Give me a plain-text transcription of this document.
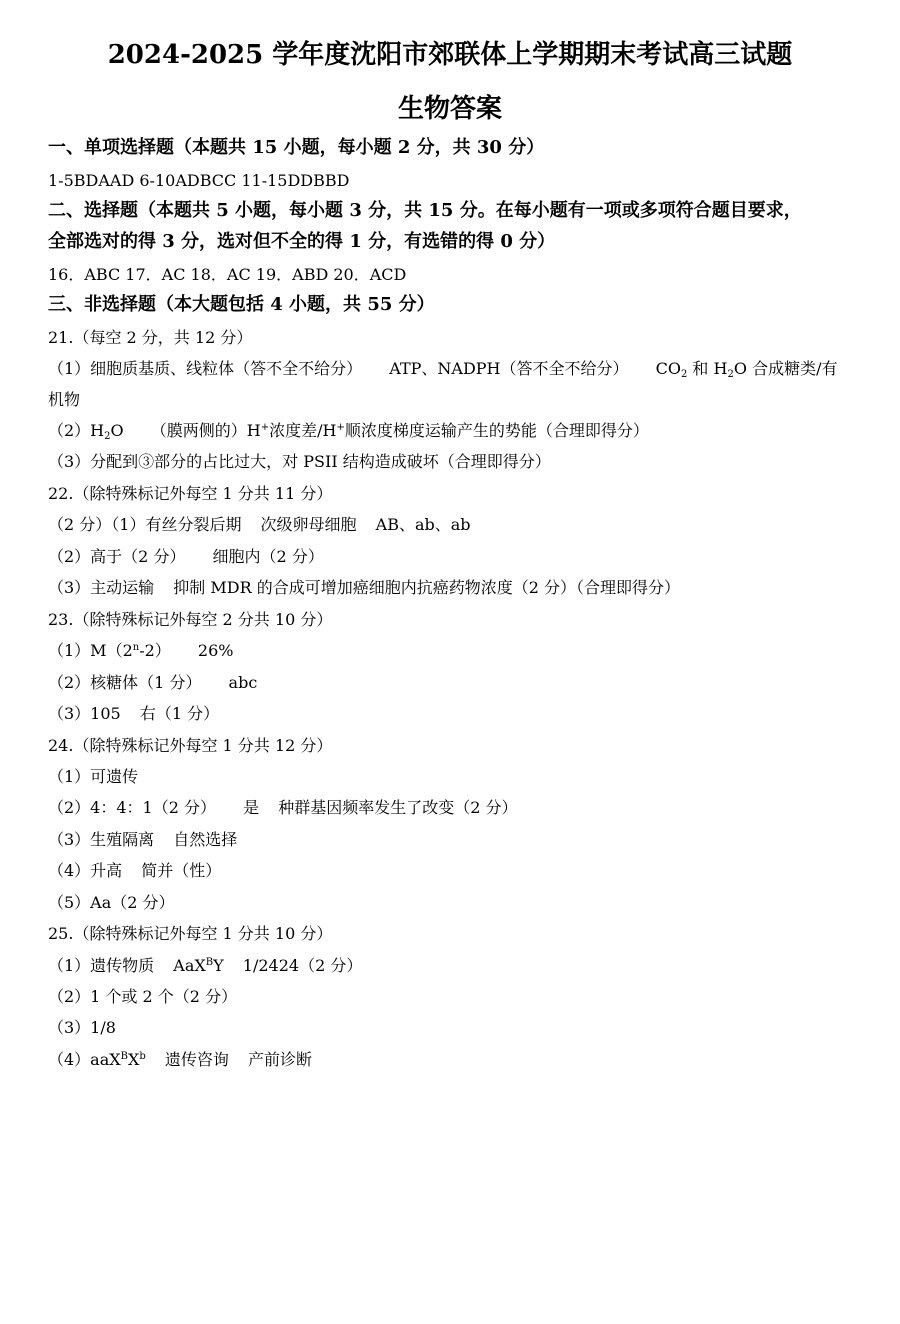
2024-2025 学年度沈阳市郊联体上学期期末考试高三试题
生物答案
一、单项选择题（本题共 15 小题，每小题 2 分，共 30 分）
1-5BDAAD 6-10ADBCC 11-15DDBBD
二、选择题（本题共 5 小题，每小题 3 分，共 15 分。在每小题有一项或多项符合题目要求，
全部选对的得 3 分，选对但不全的得 1 分，有选错的得 0 分）
16．ABC 17．AC 18．AC 19．ABD 20．ACD
三、非选择题（本大题包括 4 小题，共 55 分）
21.（每空 2 分，共 12 分）
（1）细胞质基质、线粒体（答不全不给分） ATP、NADPH（答不全不给分） $CO_2$ 和 $H_2O$ 合成糖类/有
机物
$(2)H_2O$ （膜两侧的）H+浓度差/H+顺浓度梯度运输产生的势能（合理即得分）
（3）分配到③部分的占比过大，对 PSII 结构造成破坏（合理即得分）
22.（除特殊标记外每空 1 分共 11 分）
（2 分）（1）有丝分裂后期 次级卵母细胞 AB、ab、ab
（2）高于（2 分） 细胞内（2 分）
（3）主动运输 抑制 MDR 的合成可增加癌细胞内抗癌药物浓度（2 分）（合理即得分）
23.（除特殊标记外每空 2 分共 10 分）
（1）M（2$^n$-2） 26%
（2）核糖体（1 分） abc
（3）105 右（1 分）
24.（除特殊标记外每空 1 分共 12 分）
（1）可遗传
（2）4：4：1（2 分） 是 种群基因频率发生了改变（2 分）
（3）生殖隔离 自然选择
（4）升高 简并（性）
（5）Aa（2 分）
25.（除特殊标记外每空 1 分共 10 分）
（1）遗传物质 AaX$^B$Y 1/2424（2 分）
（2）1 个或 2 个（2 分）
（3）1/8
$(4)aaX^BX^b$ 遗传咨询 产前诊断
